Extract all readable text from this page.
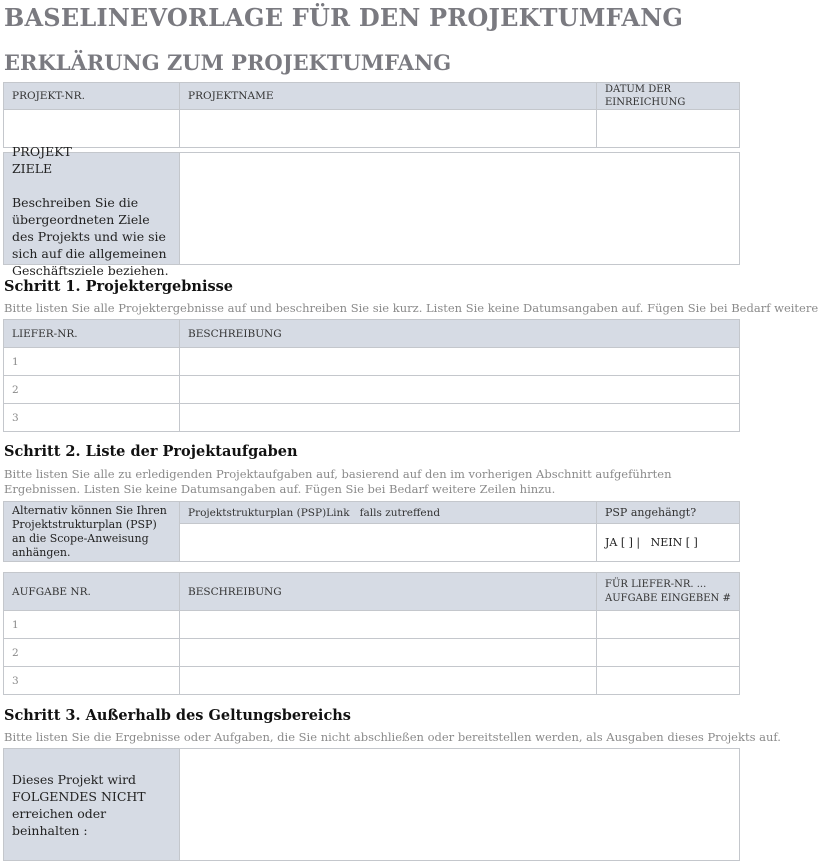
BASELINEVORLAGE FÜR DEN PROJEKTUMFANG
ERKLÄRUNG ZUM PROJEKTUMFANG
PROJEKT-NR.	PROJEKTNAME	DATUM DER EINREICHUNG

PROJEKT
ZIELE
Beschreiben Sie die übergeordneten Ziele des Projekts und wie sie sich auf die allgemeinen Geschäftsziele beziehen.

Schritt 1. Projektergebnisse
Bitte listen Sie alle Projektergebnisse auf und beschreiben Sie sie kurz. Listen Sie keine Datumsangaben auf. Fügen Sie bei Bedarf weitere
LIEFER-NR.	BESCHREIBUNG
1	
2	
3	
Schritt 2. Liste der Projektaufgaben
Bitte listen Sie alle zu erledigenden Projektaufgaben auf, basierend auf den im vorherigen Abschnitt aufgeführten Ergebnissen. Listen Sie keine Datumsangaben auf. Fügen Sie bei Bedarf weitere Zeilen hinzu.
Alternativ können Sie Ihren Projektstrukturplan (PSP) an die Scope-Anweisung anhängen.	Projektstrukturplan (PSP)Link   falls zutreffend	PSP angehängt?
		JA [ ] |   NEIN [ ]
AUFGABE NR.	BESCHREIBUNG	FÜR LIEFER-NR. ... AUFGABE EINGEBEN #
1		
2		
3		
Schritt 3. Außerhalb des Geltungsbereichs
Bitte listen Sie die Ergebnisse oder Aufgaben, die Sie nicht abschließen oder bereitstellen werden, als Ausgaben dieses Projekts auf.
Dieses Projekt wird FOLGENDES NICHT erreichen oder beinhalten :
